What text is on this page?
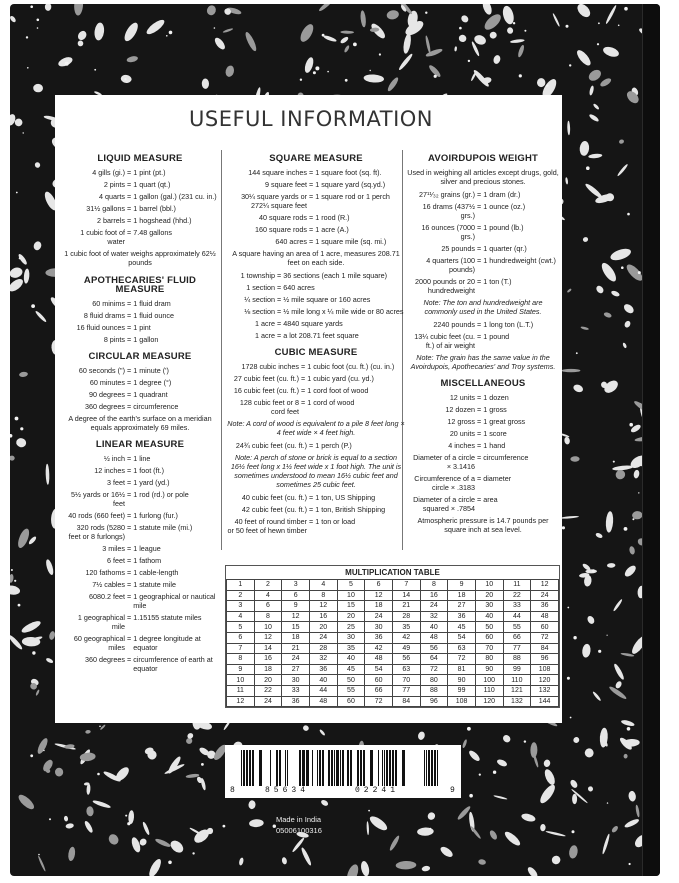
USEFUL INFORMATION
LIQUID MEASURE
4 gills (gi.) = 1 pint (pt.)
2 pints = 1 quart (qt.)
4 quarts = 1 gallon (gal.) (231 cu. in.)
31½ gallons = 1 barrel (bbl.)
2 barrels = 1 hogshead (hhd.)
1 cubic foot of water
= 7.48 gallons
1 cubic foot of water weighs approximately 62½ pounds
APOTHECARIES' FLUID MEASURE
60 minims = 1 fluid dram
8 fluid drams = 1 fluid ounce
16 fluid ounces = 1 pint
8 pints = 1 gallon
CIRCULAR MEASURE
60 seconds (") = 1 minute (')
60 minutes = 1 degree (°)
90 degrees = 1 quadrant
360 degrees = circumference
A degree of the earth's surface on a meridian equals approximately 69 miles.
LINEAR MEASURE
½ inch = 1 line
12 inches = 1 foot (ft.)
3 feet = 1 yard (yd.)
5½ yards or 16½ feet
= 1 rod (rd.) or pole
40 rods (660 feet) = 1 furlong (fur.)
320 rods (5280 feet or 8 furlongs)
= 1 statute mile (mi.)
3 miles = 1 league
6 feet = 1 fathom
120 fathoms = 1 cable-length
7½ cables = 1 statute mile
6080.2 feet = 1 geographical or nautical mile
1 geographical mile
= 1.15155 statute miles
60 geographical miles
= 1 degree longitude at equator
360 degrees = circumference of earth at equator
SQUARE MEASURE
144 square inches = 1 square foot (sq. ft).
9 square feet = 1 square yard (sq.yd.)
30¼ square yards or 272¼ square feet
= 1 square rod or 1 perch
40 square rods = 1 rood (R.)
160 square rods = 1 acre (A.)
640 acres = 1 square mile (sq. mi.)
A square having an area of 1 acre, measures 208.71 feet on each side.
1 township = 36 sections (each 1 mile square)
1 section = 640 acres
¼ section = ½ mile square or 160 acres
⅛ section = ½ mile long x ¼ mile wide or 80 acres
1 acre = 4840 square yards
1 acre = a lot 208.71 feet square
CUBIC MEASURE
1728 cubic inches = 1 cubic foot (cu. ft.) (cu. in.)
27 cubic feet (cu. ft.) = 1 cubic yard (cu. yd.)
16 cubic feet (cu. ft.) = 1 cord foot of wood
128 cubic feet or 8 cord feet
= 1 cord of wood
Note: A cord of wood is equivalent to a pile 8 feet long × 4 feet wide × 4 feet high.
24¾ cubic feet (cu. ft.) = 1 perch (P.)
Note: A perch of stone or brick is equal to a section 16½ feet long x 1½ feet wide x 1 foot high. The unit is sometimes understood to mean 16½ cubic feet and sometimes 25 cubic feet.
40 cubic feet (cu. ft.) = 1 ton, US Shipping
42 cubic feet (cu. ft.) = 1 ton, British Shipping
40 feet of round timber or 50 feet of hewn timber
= 1 ton or load
AVOIRDUPOIS WEIGHT
Used in weighing all articles except drugs, gold, silver and precious stones.
27¹¹⁄₃₂ grains (gr.) = 1 dram (dr.)
16 drams (437½ grs.)
= 1 ounce (oz.)
16 ounces (7000 grs.)
= 1 pound (lb.)
25 pounds = 1 quarter (qr.)
4 quarters (100 pounds)
= 1 hundredweight (cwt.)
2000 pounds or 20 hundredweight
= 1 ton (T.)
Note: The ton and hundredweight are commonly used in the United States.
2240 pounds = 1 long ton (L.T.)
13¼ cubic feet (cu. ft.) of air weight
= 1 pound
Note: The grain has the same value in the Avoirdupois, Apothecaries' and Troy systems.
MISCELLANEOUS
12 units = 1 dozen
12 dozen = 1 gross
12 gross = 1 great gross
20 units = 1 score
4 inches = 1 hand
Diameter of a circle × 3.1416
= circumference
Circumference of a circle × .3183
= diameter
Diameter of a circle squared × .7854
= area
Atmospheric pressure is 14.7 pounds per square inch at sea level.
MULTIPLICATION TABLE
1	2	3	4	5	6	7	8	9	10	11	12
2	4	6	8	10	12	14	16	18	20	22	24
3	6	9	12	15	18	21	24	27	30	33	36
4	8	12	16	20	24	28	32	36	40	44	48
5	10	15	20	25	30	35	40	45	50	55	60
6	12	18	24	30	36	42	48	54	60	66	72
7	14	21	28	35	42	49	56	63	70	77	84
8	16	24	32	40	48	56	64	72	80	88	96
9	18	27	36	45	54	63	72	81	90	99	108
10	20	30	40	50	60	70	80	90	100	110	120
11	22	33	44	55	66	77	88	99	110	121	132
12	24	36	48	60	72	84	96	108	120	132	144
8	85634	02241	9
Made in India
05006100316
